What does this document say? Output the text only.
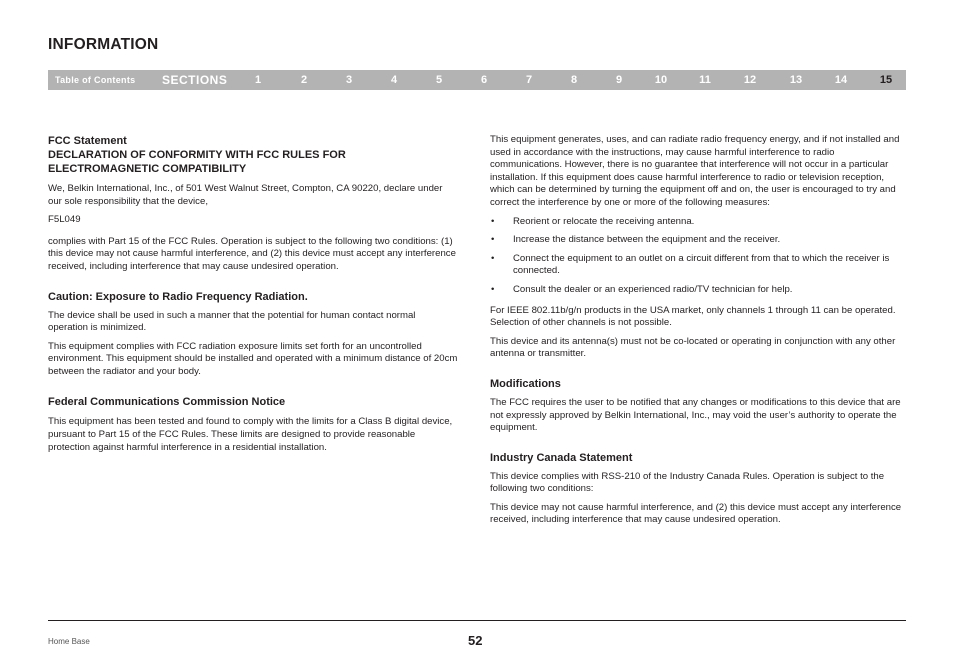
INFORMATION
Table of Contents SECTIONS	1	2	3	4	5	6	7	8	9	10	11	12	13	14	15
FCC Statement
DECLARATION OF CONFORMITY WITH FCC RULES FOR
ELECTROMAGNETIC COMPATIBILITY

We, Belkin International, Inc., of 501 West Walnut Street, Compton, CA 90220, declare under our sole responsibility that the device,

F5L049

complies with Part 15 of the FCC Rules. Operation is subject to the following two conditions: (1) this device may not cause harmful interference, and (2) this device must accept any interference received, including interference that may cause undesired operation.

Caution: Exposure to Radio Frequency Radiation.

The device shall be used in such a manner that the potential for human contact normal operation is minimized.

This equipment complies with FCC radiation exposure limits set forth for an uncontrolled environment. This equipment should be installed and operated with a minimum distance of 20cm between the radiator and your body.

Federal Communications Commission Notice

This equipment has been tested and found to comply with the limits for a Class B digital device, pursuant to Part 15 of the FCC Rules. These limits are designed to provide reasonable protection against harmful interference in a residential installation.

This equipment generates, uses, and can radiate radio frequency energy, and if not installed and used in accordance with the instructions, may cause harmful interference to radio communications. However, there is no guarantee that interference will not occur in a particular installation. If this equipment does cause harmful interference to radio or television reception, which can be determined by turning the equipment off and on, the user is encouraged to try and correct the interference by one or more of the following measures:

• Reorient or relocate the receiving antenna.
• Increase the distance between the equipment and the receiver.
• Connect the equipment to an outlet on a circuit different from that to which the receiver is connected.
• Consult the dealer or an experienced radio/TV technician for help.

For IEEE 802.11b/g/n products in the USA market, only channels 1 through 11 can be operated. Selection of other channels is not possible.

This device and its antenna(s) must not be co-located or operating in conjunction with any other antenna or transmitter.

Modifications

The FCC requires the user to be notified that any changes or modifications to this device that are not expressly approved by Belkin International, Inc., may void the user’s authority to operate the equipment.

Industry Canada Statement

This device complies with RSS-210 of the Industry Canada Rules. Operation is subject to the following two conditions:

This device may not cause harmful interference, and (2) this device must accept any interference received, including interference that may cause undesired operation.

Home Base	52
